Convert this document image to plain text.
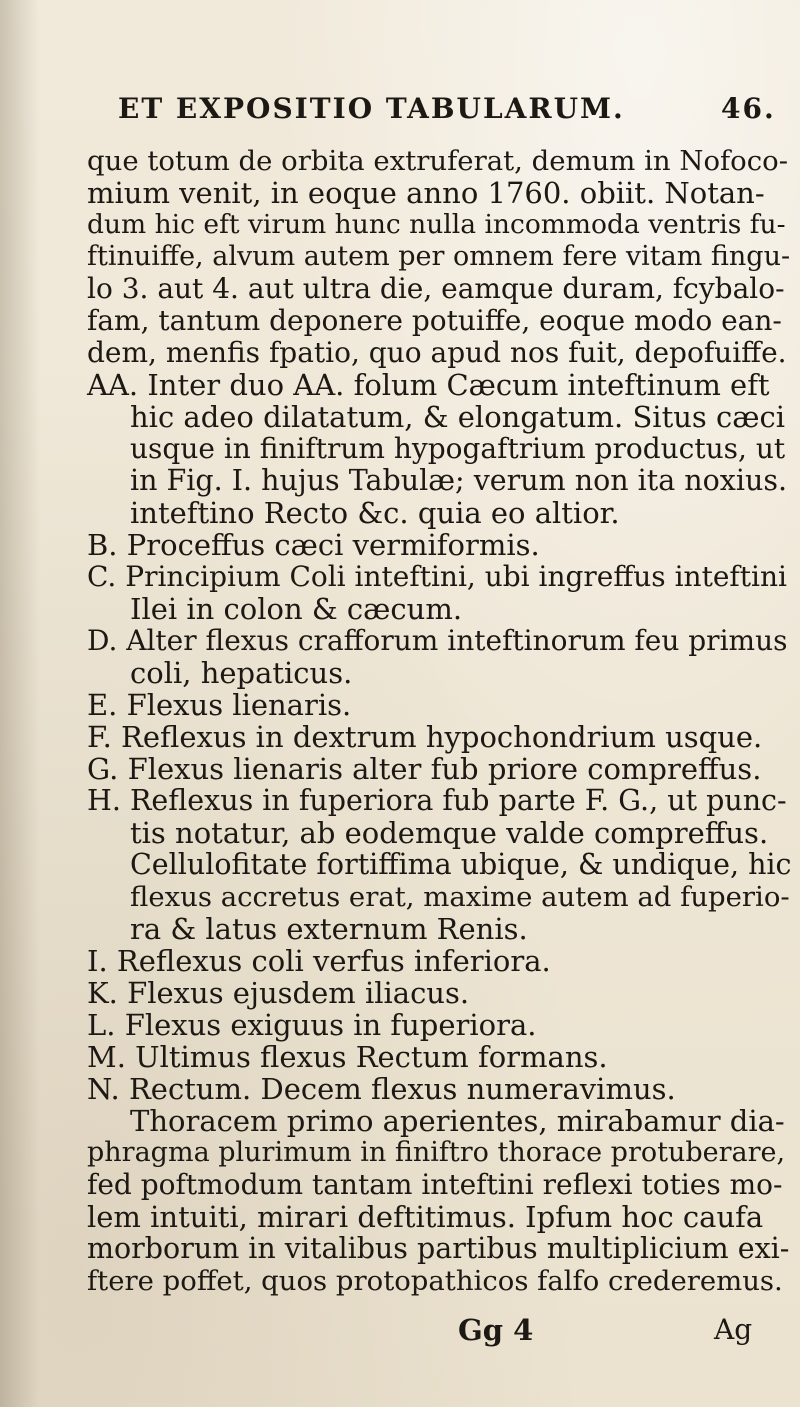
ET EXPOSITIO TABULARUM.	46.
que totum de orbita extruferat, demum in Nofoco-
mium venit, in eoque anno 1760. obiit. Notan-
dum hic eft virum hunc nulla incommoda ventris fu-
ftinuiffe, alvum autem per omnem fere vitam fingu-
lo 3. aut 4. aut ultra die, eamque duram, fcybalo-
fam, tantum deponere potuiffe, eoque modo ean-
dem, menfis fpatio, quo apud nos fuit, depofuiffe.
AA. Inter duo AA. folum Cæcum inteftinum eft
hic adeo dilatatum, & elongatum. Situs cæci
usque in finiftrum hypogaftrium productus, ut
in Fig. I. hujus Tabulæ; verum non ita noxius.
inteftino Recto &c. quia eo altior.
B. Proceffus cæci vermiformis.
C. Principium Coli inteftini, ubi ingreffus inteftini
Ilei in colon & cæcum.
D. Alter flexus crafforum inteftinorum feu primus
coli, hepaticus.
E. Flexus lienaris.
F. Reflexus in dextrum hypochondrium usque.
G. Flexus lienaris alter fub priore compreffus.
H. Reflexus in fuperiora fub parte F. G., ut punc-
tis notatur, ab eodemque valde compreffus.
Cellulofitate fortiffima ubique, & undique, hic
flexus accretus erat, maxime autem ad fuperio-
ra & latus externum Renis.
I. Reflexus coli verfus inferiora.
K. Flexus ejusdem iliacus.
L. Flexus exiguus in fuperiora.
M. Ultimus flexus Rectum formans.
N. Rectum. Decem flexus numeravimus.
Thoracem primo aperientes, mirabamur dia-
phragma plurimum in finiftro thorace protuberare,
fed poftmodum tantam inteftini reflexi toties mo-
lem intuiti, mirari deftitimus. Ipfum hoc caufa
morborum in vitalibus partibus multiplicium exi-
ftere poffet, quos protopathicos falfo crederemus.
Gg 4	Ag
